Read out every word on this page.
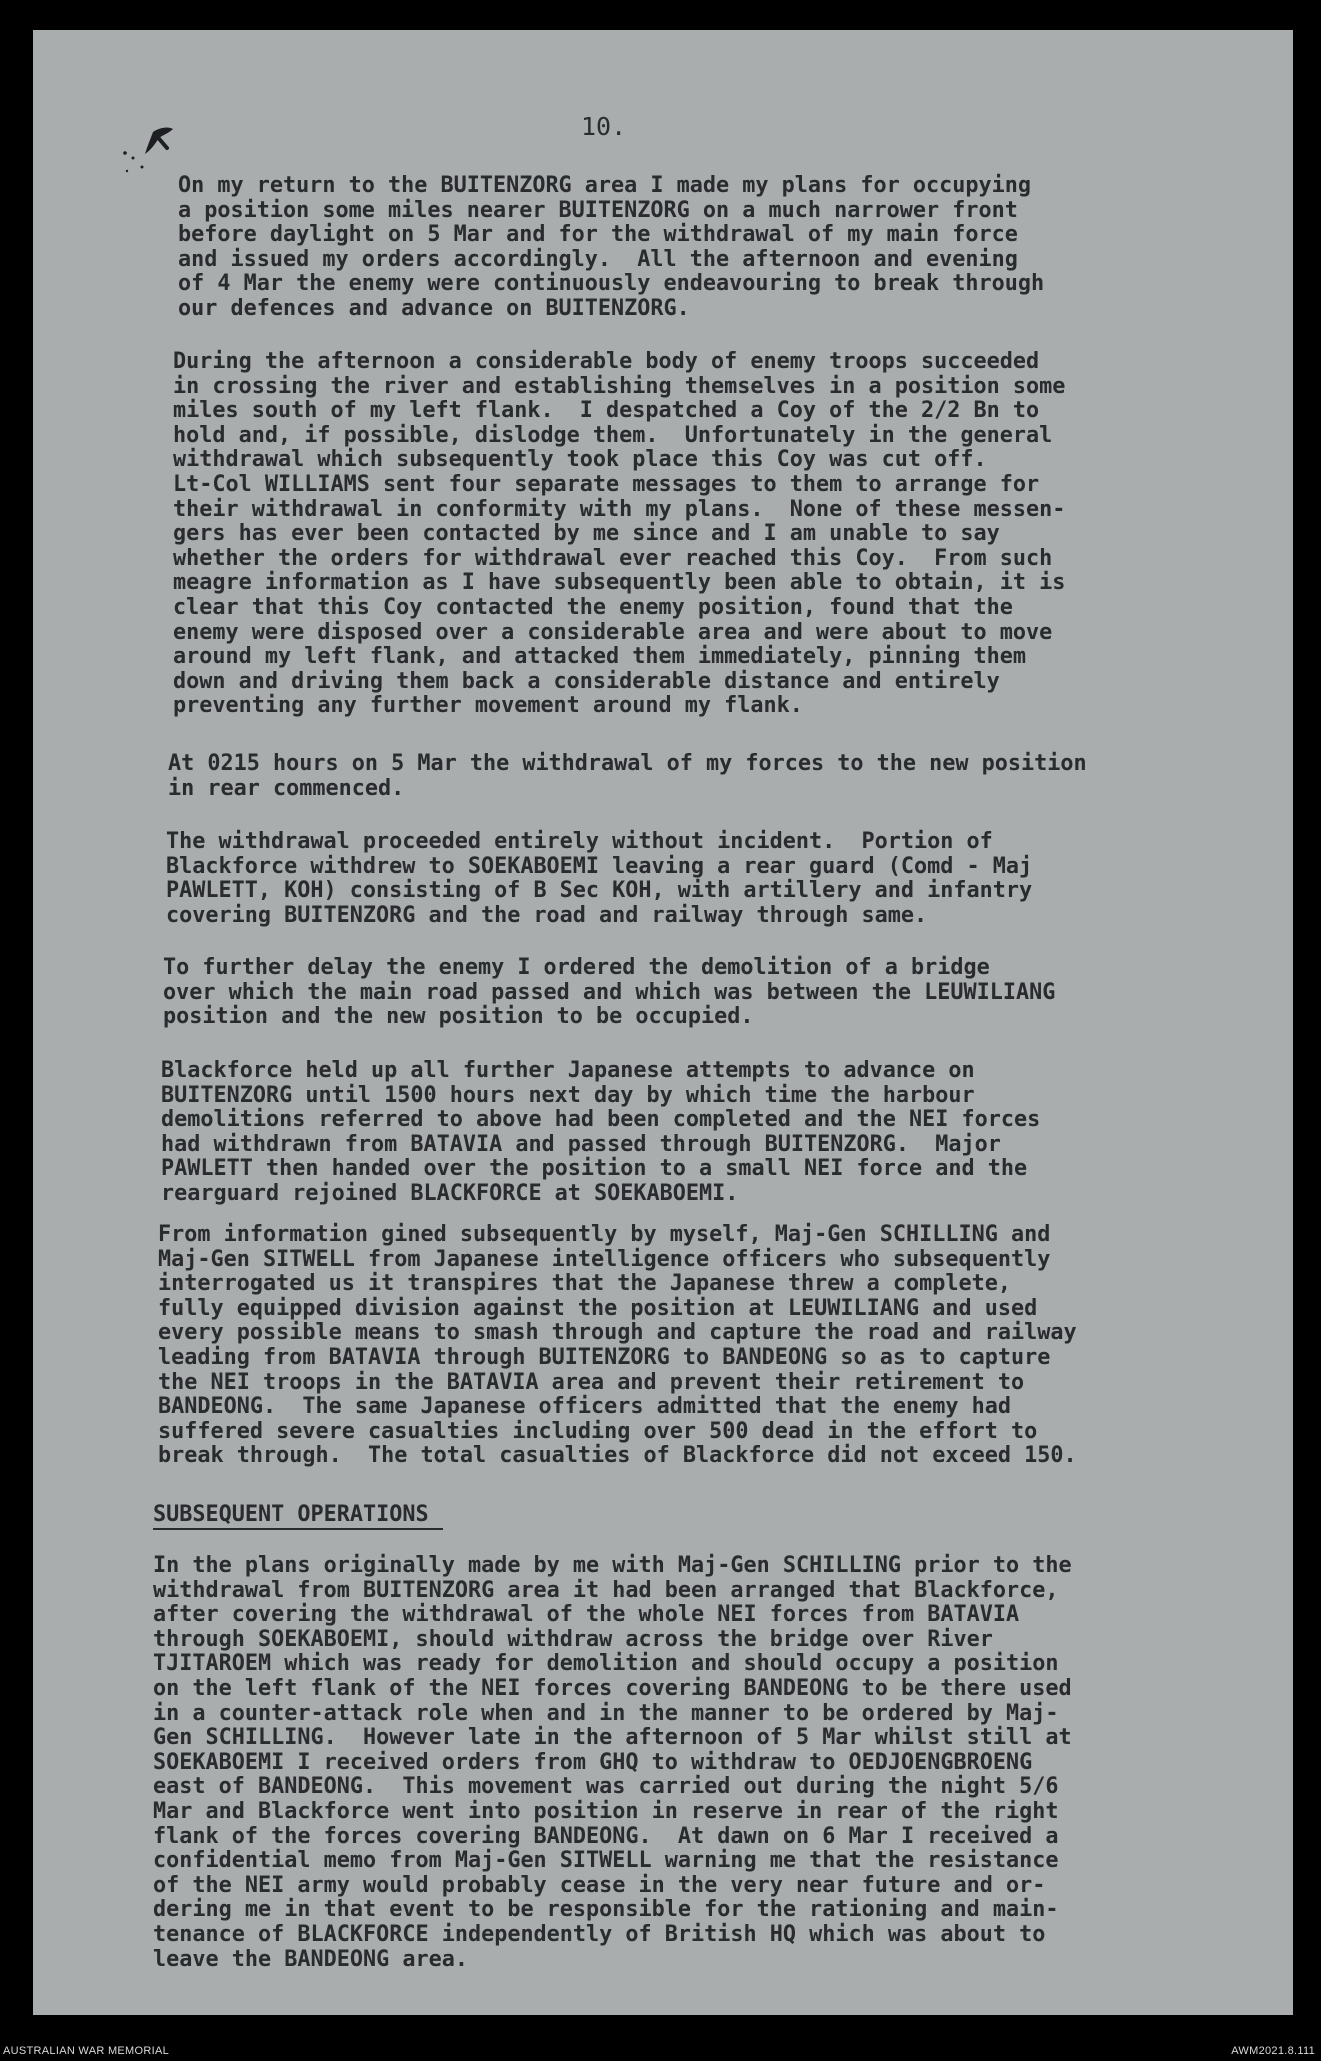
10.

On my return to the BUITENZORG area I made my plans for occupying
a position some miles nearer BUITENZORG on a much narrower front
before daylight on 5 Mar and for the withdrawal of my main force
and issued my orders accordingly.  All the afternoon and evening
of 4 Mar the enemy were continuously endeavouring to break through
our defences and advance on BUITENZORG.

During the afternoon a considerable body of enemy troops succeeded
in crossing the river and establishing themselves in a position some
miles south of my left flank.  I despatched a Coy of the 2/2 Bn to
hold and, if possible, dislodge them.  Unfortunately in the general
withdrawal which subsequently took place this Coy was cut off.
Lt-Col WILLIAMS sent four separate messages to them to arrange for
their withdrawal in conformity with my plans.  None of these messen-
gers has ever been contacted by me since and I am unable to say
whether the orders for withdrawal ever reached this Coy.  From such
meagre information as I have subsequently been able to obtain, it is
clear that this Coy contacted the enemy position, found that the
enemy were disposed over a considerable area and were about to move
around my left flank, and attacked them immediately, pinning them
down and driving them back a considerable distance and entirely
preventing any further movement around my flank.

At 0215 hours on 5 Mar the withdrawal of my forces to the new position
in rear commenced.

The withdrawal proceeded entirely without incident.  Portion of
Blackforce withdrew to SOEKABOEMI leaving a rear guard (Comd - Maj
PAWLETT, KOH) consisting of B Sec KOH, with artillery and infantry
covering BUITENZORG and the road and railway through same.

To further delay the enemy I ordered the demolition of a bridge
over which the main road passed and which was between the LEUWILIANG
position and the new position to be occupied.

Blackforce held up all further Japanese attempts to advance on
BUITENZORG until 1500 hours next day by which time the harbour
demolitions referred to above had been completed and the NEI forces
had withdrawn from BATAVIA and passed through BUITENZORG.  Major
PAWLETT then handed over the position to a small NEI force and the
rearguard rejoined BLACKFORCE at SOEKABOEMI.

From information gined subsequently by myself, Maj-Gen SCHILLING and
Maj-Gen SITWELL from Japanese intelligence officers who subsequently
interrogated us it transpires that the Japanese threw a complete,
fully equipped division against the position at LEUWILIANG and used
every possible means to smash through and capture the road and railway
leading from BATAVIA through BUITENZORG to BANDEONG so as to capture
the NEI troops in the BATAVIA area and prevent their retirement to
BANDEONG.  The same Japanese officers admitted that the enemy had
suffered severe casualties including over 500 dead in the effort to
break through.  The total casualties of Blackforce did not exceed 150.

SUBSEQUENT OPERATIONS

In the plans originally made by me with Maj-Gen SCHILLING prior to the
withdrawal from BUITENZORG area it had been arranged that Blackforce,
after covering the withdrawal of the whole NEI forces from BATAVIA
through SOEKABOEMI, should withdraw across the bridge over River
TJITAROEM which was ready for demolition and should occupy a position
on the left flank of the NEI forces covering BANDEONG to be there used
in a counter-attack role when and in the manner to be ordered by Maj-
Gen SCHILLING.  However late in the afternoon of 5 Mar whilst still at
SOEKABOEMI I received orders from GHQ to withdraw to OEDJOENGBROENG
east of BANDEONG.  This movement was carried out during the night 5/6
Mar and Blackforce went into position in reserve in rear of the right
flank of the forces covering BANDEONG.  At dawn on 6 Mar I received a
confidential memo from Maj-Gen SITWELL warning me that the resistance
of the NEI army would probably cease in the very near future and or-
dering me in that event to be responsible for the rationing and main-
tenance of BLACKFORCE independently of British HQ which was about to
leave the BANDEONG area.

AUSTRALIAN WAR MEMORIAL	AWM2021.8.111
